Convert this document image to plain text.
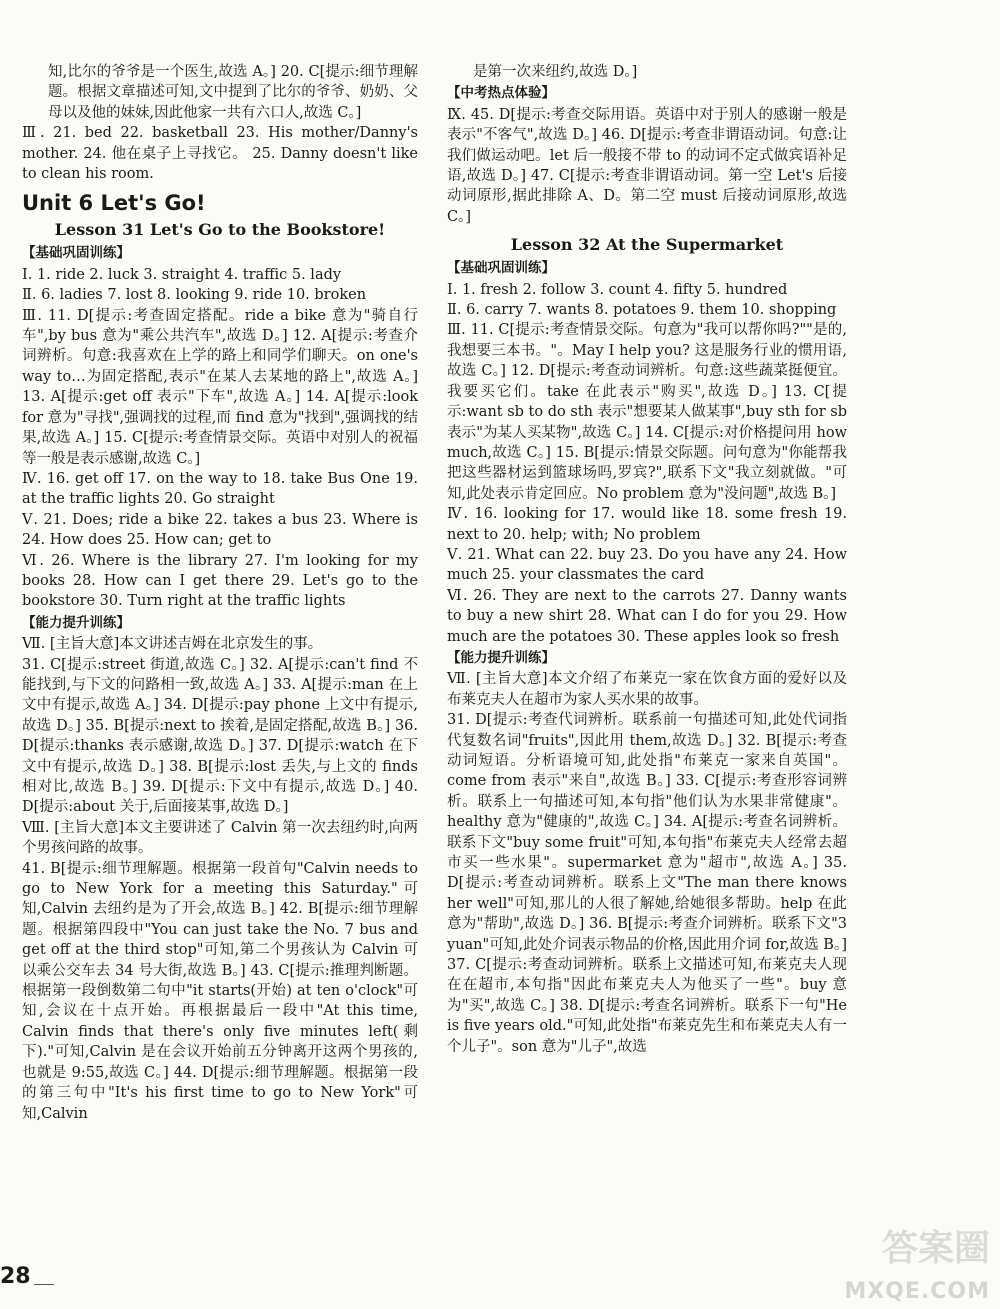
知,比尔的爷爷是一个医生,故选 A。] 20. C[提示:细节理解题。根据文章描述可知,文中提到了比尔的爷爷、奶奶、父母以及他的妹妹,因此他家一共有六口人,故选 C。]

Ⅲ. 21. bed 22. basketball 23. His mother/Danny's mother. 24. 他在桌子上寻找它。 25. Danny doesn't like to clean his room.

Unit 6 Let's Go!
Lesson 31 Let's Go to the Bookstore!
【基础巩固训练】

Ⅰ. 1. ride 2. luck 3. straight 4. traffic 5. lady

Ⅱ. 6. ladies 7. lost 8. looking 9. ride 10. broken

Ⅲ. 11. D[提示:考查固定搭配。ride a bike 意为"骑自行车",by bus 意为"乘公共汽车",故选 D。] 12. A[提示:考查介词辨析。句意:我喜欢在上学的路上和同学们聊天。on one's way to…为固定搭配,表示"在某人去某地的路上",故选 A。] 13. A[提示:get off 表示"下车",故选 A。] 14. A[提示:look for 意为"寻找",强调找的过程,而 find 意为"找到",强调找的结果,故选 A。] 15. C[提示:考查情景交际。英语中对别人的祝福等一般是表示感谢,故选 C。]

Ⅳ. 16. get off 17. on the way to 18. take Bus One 19. at the traffic lights 20. Go straight

Ⅴ. 21. Does; ride a bike 22. takes a bus 23. Where is 24. How does 25. How can; get to

Ⅵ. 26. Where is the library 27. I'm looking for my books 28. How can I get there 29. Let's go to the bookstore 30. Turn right at the traffic lights

【能力提升训练】

Ⅶ. [主旨大意]本文讲述吉姆在北京发生的事。

31. C[提示:street 街道,故选 C。] 32. A[提示:can't find 不能找到,与下文的问路相一致,故选 A。] 33. A[提示:man 在上文中有提示,故选 A。] 34. D[提示:pay phone 上文中有提示,故选 D。] 35. B[提示:next to 挨着,是固定搭配,故选 B。] 36. D[提示:thanks 表示感谢,故选 D。] 37. D[提示:watch 在下文中有提示,故选 D。] 38. B[提示:lost 丢失,与上文的 finds 相对比,故选 B。] 39. D[提示:下文中有提示,故选 D。] 40. D[提示:about 关于,后面接某事,故选 D。]

Ⅷ. [主旨大意]本文主要讲述了 Calvin 第一次去纽约时,向两个男孩问路的故事。

41. B[提示:细节理解题。根据第一段首句"Calvin needs to go to New York for a meeting this Saturday."可知,Calvin 去纽约是为了开会,故选 B。] 42. B[提示:细节理解题。根据第四段中"You can just take the No. 7 bus and get off at the third stop"可知,第二个男孩认为 Calvin 可以乘公交车去 34 号大街,故选 B。] 43. C[提示:推理判断题。根据第一段倒数第二句中"it starts(开始) at ten o'clock"可知,会议在十点开始。再根据最后一段中"At this time, Calvin finds that there's only five minutes left(剩下)."可知,Calvin 是在会议开始前五分钟离开这两个男孩的,也就是 9:55,故选 C。] 44. D[提示:细节理解题。根据第一段的第三句中"It's his first time to go to New York"可知,Calvin

是第一次来纽约,故选 D。]

【中考热点体验】

Ⅸ. 45. D[提示:考查交际用语。英语中对于别人的感谢一般是表示"不客气",故选 D。] 46. D[提示:考查非谓语动词。句意:让我们做运动吧。let 后一般接不带 to 的动词不定式做宾语补足语,故选 D。] 47. C[提示:考查非谓语动词。第一空 Let's 后接动词原形,据此排除 A、D。第二空 must 后接动词原形,故选 C。]

Lesson 32 At the Supermarket
【基础巩固训练】

Ⅰ. 1. fresh 2. follow 3. count 4. fifty 5. hundred

Ⅱ. 6. carry 7. wants 8. potatoes 9. them 10. shopping

Ⅲ. 11. C[提示:考查情景交际。句意为"我可以帮你吗?""是的,我想要三本书。"。May I help you? 这是服务行业的惯用语,故选 C。] 12. D[提示:考查动词辨析。句意:这些蔬菜挺便宜。我要买它们。take 在此表示"购买",故选 D。] 13. C[提示:want sb to do sth 表示"想要某人做某事",buy sth for sb 表示"为某人买某物",故选 C。] 14. C[提示:对价格提问用 how much,故选 C。] 15. B[提示:情景交际题。问句意为"你能帮我把这些器材运到篮球场吗,罗宾?",联系下文"我立刻就做。"可知,此处表示肯定回应。No problem 意为"没问题",故选 B。]

Ⅳ. 16. looking for 17. would like 18. some fresh 19. next to 20. help; with; No problem

Ⅴ. 21. What can 22. buy 23. Do you have any 24. How much 25. your classmates the card

Ⅵ. 26. They are next to the carrots 27. Danny wants to buy a new shirt 28. What can I do for you 29. How much are the potatoes 30. These apples look so fresh

【能力提升训练】

Ⅶ. [主旨大意]本文介绍了布莱克一家在饮食方面的爱好以及布莱克夫人在超市为家人买水果的故事。

31. D[提示:考查代词辨析。联系前一句描述可知,此处代词指代复数名词"fruits",因此用 them,故选 D。] 32. B[提示:考查动词短语。分析语境可知,此处指"布莱克一家来自英国"。come from 表示"来自",故选 B。] 33. C[提示:考查形容词辨析。联系上一句描述可知,本句指"他们认为水果非常健康"。healthy 意为"健康的",故选 C。] 34. A[提示:考查名词辨析。联系下文"buy some fruit"可知,本句指"布莱克夫人经常去超市买一些水果"。supermarket 意为"超市",故选 A。] 35. D[提示:考查动词辨析。联系上文"The man there knows her well"可知,那儿的人很了解她,给她很多帮助。help 在此意为"帮助",故选 D。] 36. B[提示:考查介词辨析。联系下文"3 yuan"可知,此处介词表示物品的价格,因此用介词 for,故选 B。] 37. C[提示:考查动词辨析。联系上文描述可知,布莱克夫人现在在超市,本句指"因此布莱克夫人为他买了一些"。buy 意为"买",故选 C。] 38. D[提示:考查名词辨析。联系下一句"He is five years old."可知,此处指"布莱克先生和布莱克夫人有一个儿子"。son 意为"儿子",故选

28
答案圈
MXQE.COM
